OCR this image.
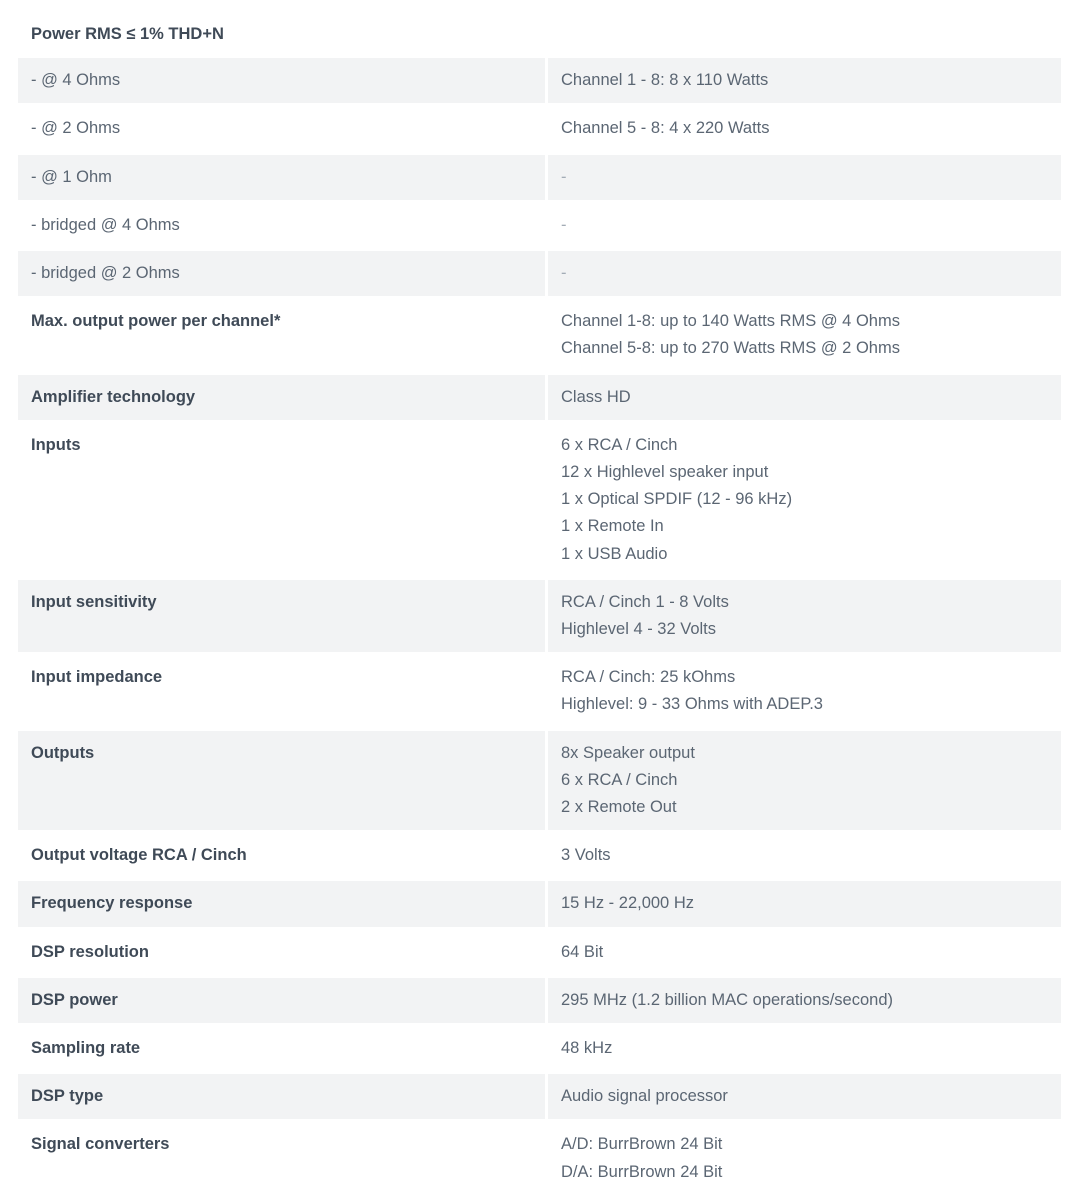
Power RMS ≤ 1% THD+N
- @ 4 Ohms	Channel 1 - 8: 8 x 110 Watts
- @ 2 Ohms	Channel 5 - 8: 4 x 220 Watts
- @ 1 Ohm	-
- bridged @ 4 Ohms	-
- bridged @ 2 Ohms	-
Max. output power per channel*	Channel 1-8: up to 140 Watts RMS @ 4 Ohms
Channel 5-8: up to 270 Watts RMS @ 2 Ohms
Amplifier technology	Class HD
Inputs	6 x RCA / Cinch
12 x Highlevel speaker input
1 x Optical SPDIF (12 - 96 kHz)
1 x Remote In
1 x USB Audio
Input sensitivity	RCA / Cinch 1 - 8 Volts
Highlevel 4 - 32 Volts
Input impedance	RCA / Cinch: 25 kOhms
Highlevel: 9 - 33 Ohms with ADEP.3
Outputs	8x Speaker output
6 x RCA / Cinch
2 x Remote Out
Output voltage RCA / Cinch	3 Volts
Frequency response	15 Hz - 22,000 Hz
DSP resolution	64 Bit
DSP power	295 MHz (1.2 billion MAC operations/second)
Sampling rate	48 kHz
DSP type	Audio signal processor
Signal converters	A/D: BurrBrown 24 Bit
D/A: BurrBrown 24 Bit
